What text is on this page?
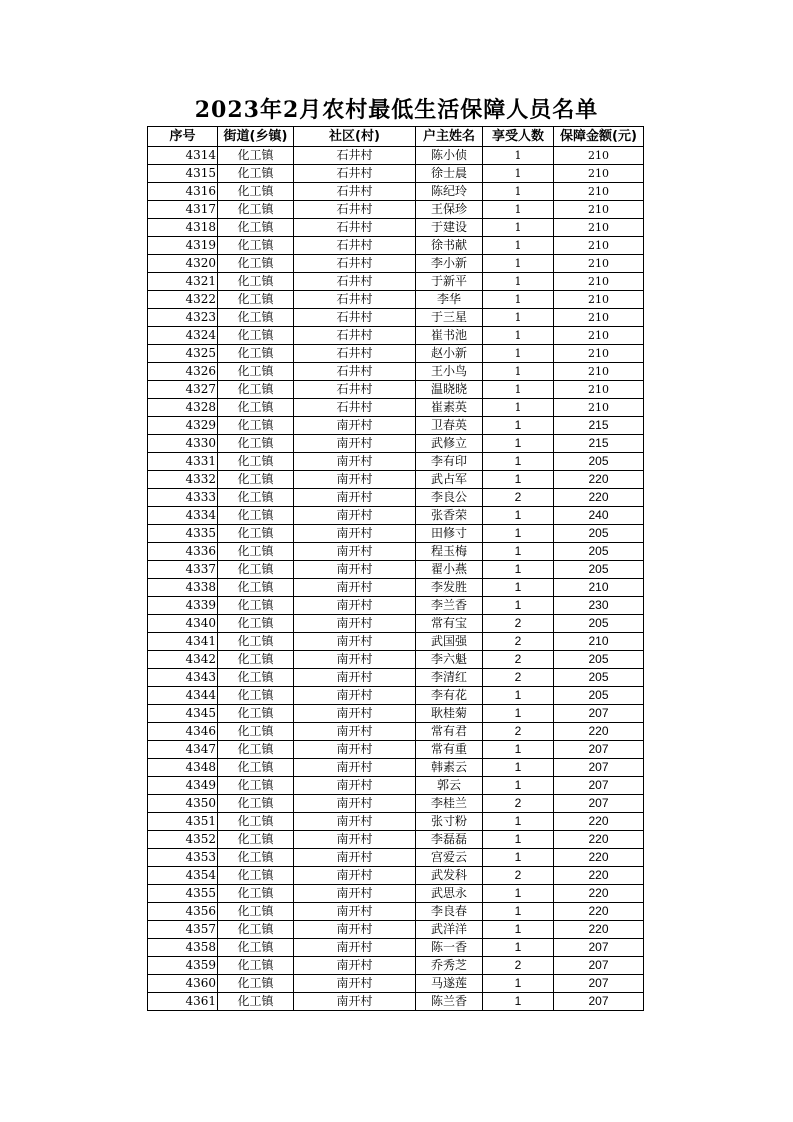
2023年2月农村最低生活保障人员名单
序号	街道(乡镇)	社区(村)	户主姓名	享受人数	保障金额(元)
4314	化工镇	石井村	陈小侦	1	210
4315	化工镇	石井村	徐士晨	1	210
4316	化工镇	石井村	陈纪玲	1	210
4317	化工镇	石井村	王保珍	1	210
4318	化工镇	石井村	于建设	1	210
4319	化工镇	石井村	徐书献	1	210
4320	化工镇	石井村	李小新	1	210
4321	化工镇	石井村	于新平	1	210
4322	化工镇	石井村	李华	1	210
4323	化工镇	石井村	于三星	1	210
4324	化工镇	石井村	崔书池	1	210
4325	化工镇	石井村	赵小新	1	210
4326	化工镇	石井村	王小鸟	1	210
4327	化工镇	石井村	温晓晓	1	210
4328	化工镇	石井村	崔素英	1	210
4329	化工镇	南开村	卫春英	1	215
4330	化工镇	南开村	武修立	1	215
4331	化工镇	南开村	李有印	1	205
4332	化工镇	南开村	武占军	1	220
4333	化工镇	南开村	李良公	2	220
4334	化工镇	南开村	张香荣	1	240
4335	化工镇	南开村	田修寸	1	205
4336	化工镇	南开村	程玉梅	1	205
4337	化工镇	南开村	翟小燕	1	205
4338	化工镇	南开村	李发胜	1	210
4339	化工镇	南开村	李兰香	1	230
4340	化工镇	南开村	常有宝	2	205
4341	化工镇	南开村	武国强	2	210
4342	化工镇	南开村	李六魁	2	205
4343	化工镇	南开村	李清红	2	205
4344	化工镇	南开村	李有花	1	205
4345	化工镇	南开村	耿桂菊	1	207
4346	化工镇	南开村	常有君	2	220
4347	化工镇	南开村	常有重	1	207
4348	化工镇	南开村	韩素云	1	207
4349	化工镇	南开村	郭云	1	207
4350	化工镇	南开村	李桂兰	2	207
4351	化工镇	南开村	张寸粉	1	220
4352	化工镇	南开村	李磊磊	1	220
4353	化工镇	南开村	宫爱云	1	220
4354	化工镇	南开村	武发科	2	220
4355	化工镇	南开村	武思永	1	220
4356	化工镇	南开村	李良春	1	220
4357	化工镇	南开村	武洋洋	1	220
4358	化工镇	南开村	陈一香	1	207
4359	化工镇	南开村	乔秀芝	2	207
4360	化工镇	南开村	马遂莲	1	207
4361	化工镇	南开村	陈兰香	1	207
